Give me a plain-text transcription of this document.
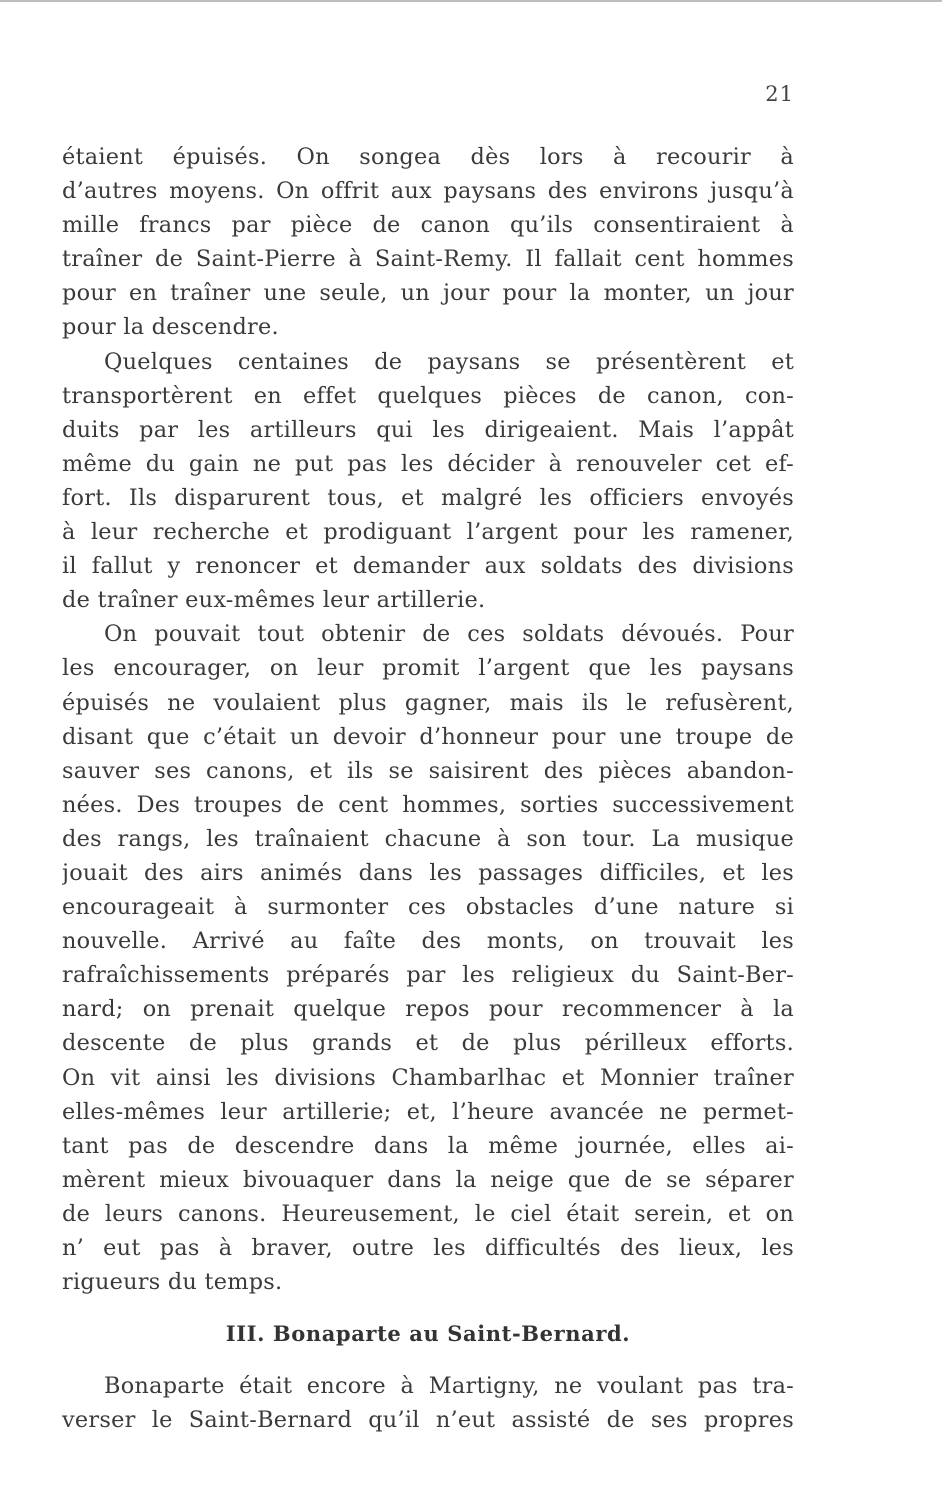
21
étaient épuisés. On songea dès lors à recourir à
d’autres moyens. On offrit aux paysans des environs jusqu’à
mille francs par pièce de canon qu’ils consentiraient à
traîner de Saint-Pierre à Saint-Remy. Il fallait cent hommes
pour en traîner une seule, un jour pour la monter, un jour
pour la descendre.
Quelques centaines de paysans se présentèrent et
transportèrent en effet quelques pièces de canon, con-
duits par les artilleurs qui les dirigeaient. Mais l’appât
même du gain ne put pas les décider à renouveler cet ef-
fort. Ils disparurent tous, et malgré les officiers envoyés
à leur recherche et prodiguant l’argent pour les ramener,
il fallut y renoncer et demander aux soldats des divisions
de traîner eux-mêmes leur artillerie.
On pouvait tout obtenir de ces soldats dévoués. Pour
les encourager, on leur promit l’argent que les paysans
épuisés ne voulaient plus gagner, mais ils le refusèrent,
disant que c’était un devoir d’honneur pour une troupe de
sauver ses canons, et ils se saisirent des pièces abandon-
nées. Des troupes de cent hommes, sorties successivement
des rangs, les traînaient chacune à son tour. La musique
jouait des airs animés dans les passages difficiles, et les
encourageait à surmonter ces obstacles d’une nature si
nouvelle. Arrivé au faîte des monts, on trouvait les
rafraîchissements préparés par les religieux du Saint-Ber-
nard; on prenait quelque repos pour recommencer à la
descente de plus grands et de plus périlleux efforts.
On vit ainsi les divisions Chambarlhac et Monnier traîner
elles-mêmes leur artillerie; et, l’heure avancée ne permet-
tant pas de descendre dans la même journée, elles ai-
mèrent mieux bivouaquer dans la neige que de se séparer
de leurs canons. Heureusement, le ciel était serein, et on
n’ eut pas à braver, outre les difficultés des lieux, les
rigueurs du temps.
III. Bonaparte au Saint-Bernard.
Bonaparte était encore à Martigny, ne voulant pas tra-
verser le Saint-Bernard qu’il n’eut assisté de ses propres
